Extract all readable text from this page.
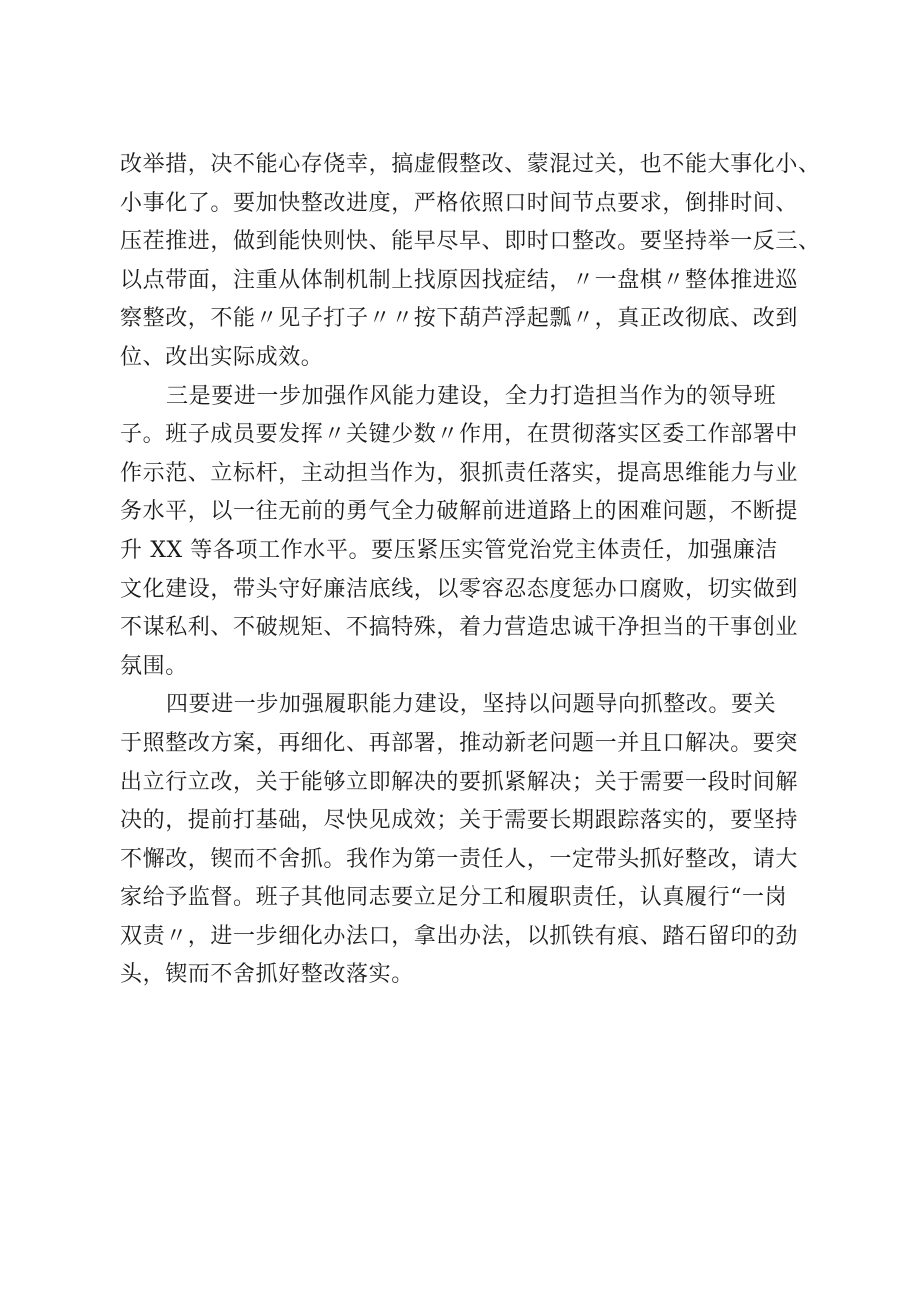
改举措，决不能心存侥幸，搞虚假整改、蒙混过关，也不能大事化小、
小事化了。要加快整改进度，严格依照口时间节点要求，倒排时间、
压茬推进，做到能快则快、能早尽早、即时口整改。要坚持举一反三、
以点带面，注重从体制机制上找原因找症结，〃一盘棋〃整体推进巡
察整改，不能〃见子打子〃〃按下葫芦浮起瓢〃，真正改彻底、改到
位、改出实际成效。
三是要进一步加强作风能力建设，全力打造担当作为的领导班
子。班子成员要发挥〃关键少数〃作用，在贯彻落实区委工作部署中
作示范、立标杆，主动担当作为，狠抓责任落实，提高思维能力与业
务水平，以一往无前的勇气全力破解前进道路上的困难问题，不断提
升 XX 等各项工作水平。要压紧压实管党治党主体责任，加强廉洁
文化建设，带头守好廉洁底线，以零容忍态度惩办口腐败，切实做到
不谋私利、不破规矩、不搞特殊，着力营造忠诚干净担当的干事创业
氛围。
四要进一步加强履职能力建设，坚持以问题导向抓整改。要关
于照整改方案，再细化、再部署，推动新老问题一并且口解决。要突
出立行立改，关于能够立即解决的要抓紧解决；关于需要一段时间解
决的，提前打基础，尽快见成效；关于需要长期跟踪落实的，要坚持
不懈改，锲而不舍抓。我作为第一责任人，一定带头抓好整改，请大
家给予监督。班子其他同志要立足分工和履职责任，认真履行“一岗
双责〃，进一步细化办法口，拿出办法，以抓铁有痕、踏石留印的劲
头，锲而不舍抓好整改落实。
